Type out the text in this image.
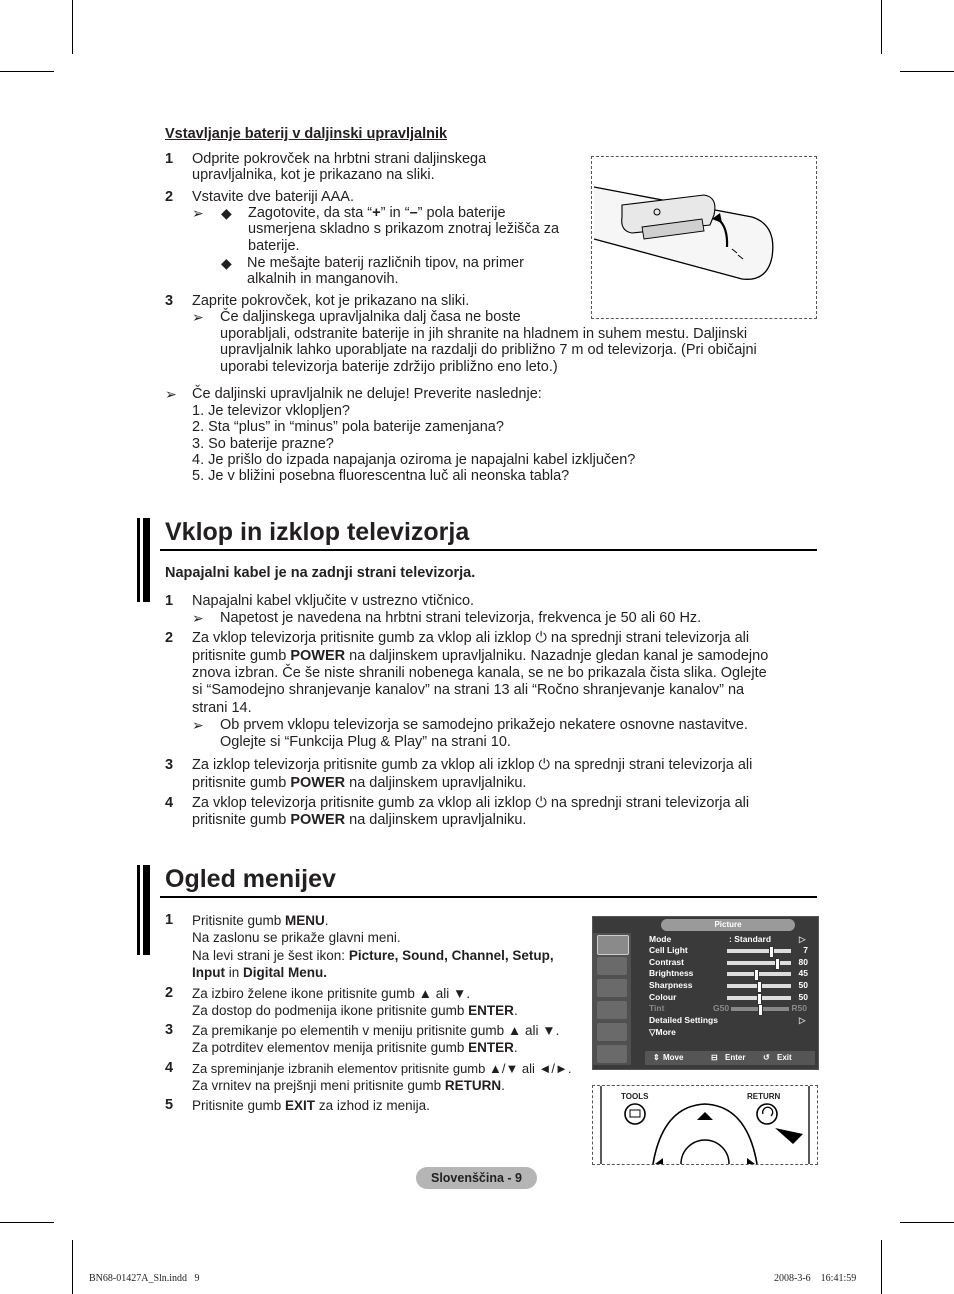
Vstavljanje baterij v daljinski upravljalnik
1 Odprite pokrovček na hrbtni strani daljinskega
upravljalnika, kot je prikazano na sliki.
2 Vstavite dve bateriji AAA.
➢ ◆ Zagotovite, da sta “+” in “–” pola baterije
usmerjena skladno s prikazom znotraj ležišča za
baterije.
◆ Ne mešajte baterij različnih tipov, na primer
alkalnih in manganovih.
3 Zaprite pokrovček, kot je prikazano na sliki.
➢ Če daljinskega upravljalnika dalj časa ne boste
uporabljali, odstranite baterije in jih shranite na hladnem in suhem mestu. Daljinski
upravljalnik lahko uporabljate na razdalji do približno 7 m od televizorja. (Pri običajni
uporabi televizorja baterije zdržijo približno eno leto.)
➢ Če daljinski upravljalnik ne deluje! Preverite naslednje:
1. Je televizor vklopljen?
2. Sta “plus” in “minus” pola baterije zamenjana?
3. So baterije prazne?
4. Je prišlo do izpada napajanja oziroma je napajalni kabel izključen?
5. Je v bližini posebna fluorescentna luč ali neonska tabla?
Vklop in izklop televizorja
Napajalni kabel je na zadnji strani televizorja.
1 Napajalni kabel vključite v ustrezno vtičnico.
➢ Napetost je navedena na hrbtni strani televizorja, frekvenca je 50 ali 60 Hz.
2 Za vklop televizorja pritisnite gumb za vklop ali izklop ⏻ na sprednji strani televizorja ali
pritisnite gumb POWER na daljinskem upravljalniku. Nazadnje gledan kanal je samodejno
znova izbran. Če še niste shranili nobenega kanala, se ne bo prikazala čista slika. Oglejte
si “Samodejno shranjevanje kanalov” na strani 13 ali “Ročno shranjevanje kanalov” na
strani 14.
➢ Ob prvem vklopu televizorja se samodejno prikažejo nekatere osnovne nastavitve.
Oglejte si “Funkcija Plug & Play” na strani 10.
3 Za izklop televizorja pritisnite gumb za vklop ali izklop ⏻ na sprednji strani televizorja ali
pritisnite gumb POWER na daljinskem upravljalniku.
4 Za vklop televizorja pritisnite gumb za vklop ali izklop ⏻ na sprednji strani televizorja ali
pritisnite gumb POWER na daljinskem upravljalniku.
Ogled menijev
1 Pritisnite gumb MENU.
Na zaslonu se prikaže glavni meni.
Na levi strani je šest ikon: Picture, Sound, Channel, Setup,
Input in Digital Menu.
2 Za izbiro želene ikone pritisnite gumb ▲ ali ▼.
Za dostop do podmenija ikone pritisnite gumb ENTER.
3 Za premikanje po elementih v meniju pritisnite gumb ▲ ali ▼.
Za potrditev elementov menija pritisnite gumb ENTER.
4 Za spreminjanje izbranih elementov pritisnite gumb ▲/▼ ali ◄/►.
Za vrnitev na prejšnji meni pritisnite gumb RETURN.
5 Pritisnite gumb EXIT za izhod iz menija.
Picture
Mode	: Standard	▷
Cell Light	7
Contrast	80
Brightness	45
Sharpness	50
Colour	50
Tint	G50	R50
Detailed Settings	▷
▽More
⇕ Move	⊟ Enter ↺ Exit
TOOLS	RETURN
Slovenščina - 9
BN68-01427A_Sln.indd   9	2008-3-6    16:41:59
